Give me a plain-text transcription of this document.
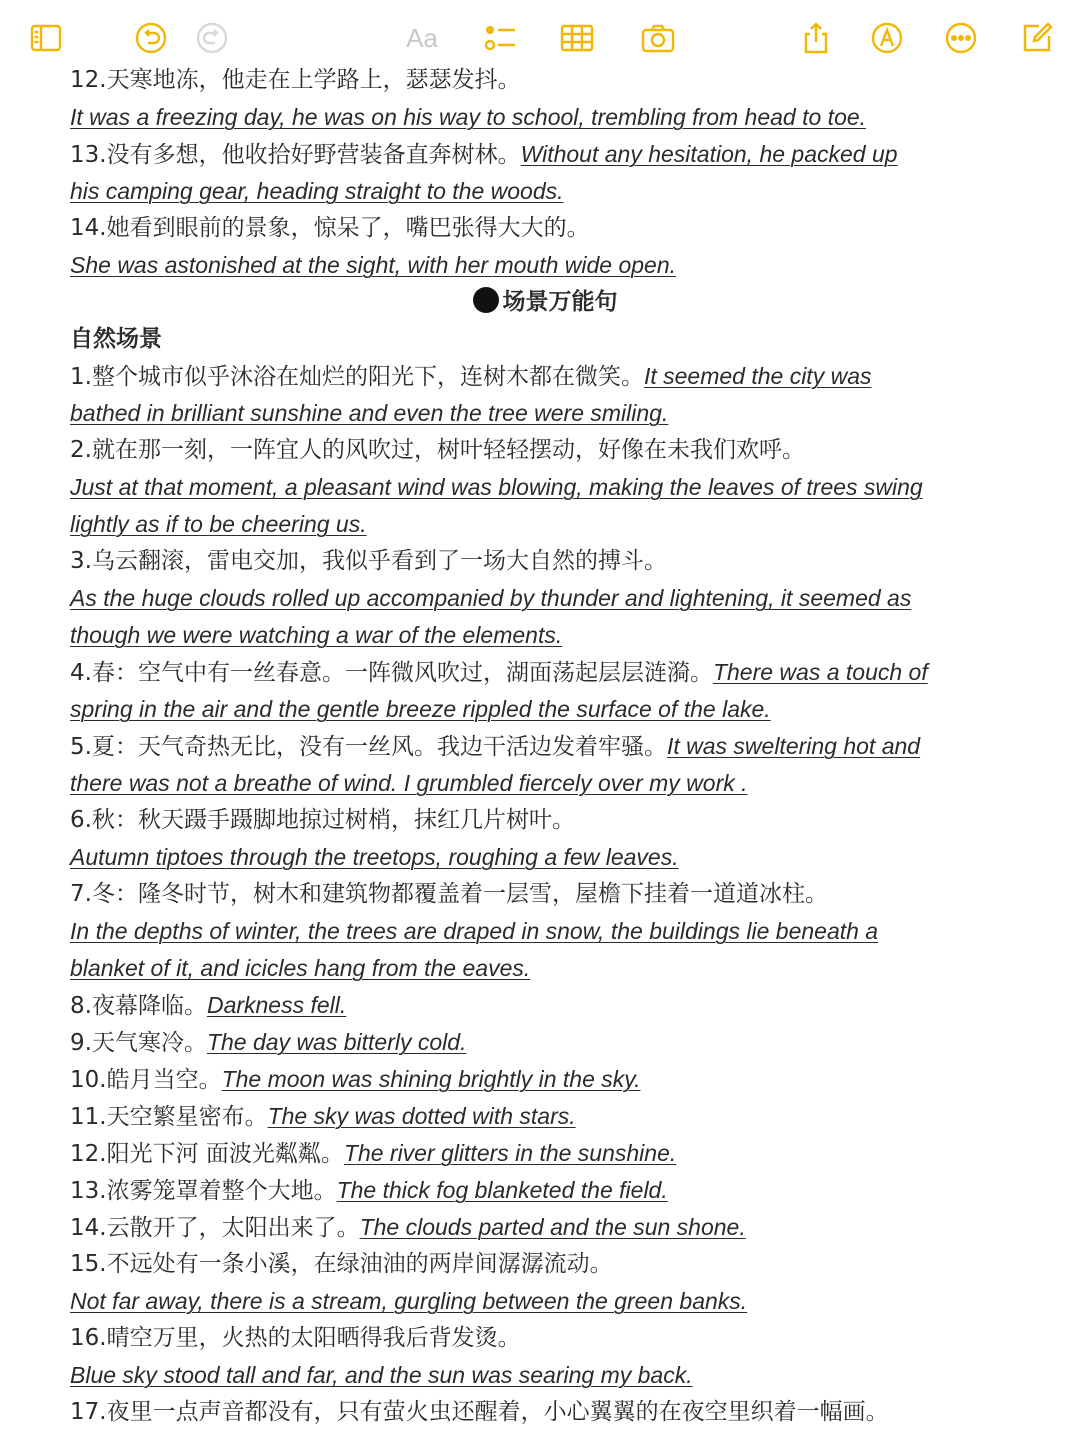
Aa
12.天寒地冻，他走在上学路上，瑟瑟发抖。
It was a freezing day, he was on his way to school, trembling from head to toe.
13.没有多想，他收拾好野营装备直奔树林。Without any hesitation, he packed up
his camping gear, heading straight to the woods.
14.她看到眼前的景象，惊呆了，嘴巴张得大大的。
She was astonished at the sight, with her mouth wide open.
场景万能句
自然场景
1.整个城市似乎沐浴在灿烂的阳光下，连树木都在微笑。It seemed the city was
bathed in brilliant sunshine and even the tree were smiling.
2.就在那一刻，一阵宜人的风吹过，树叶轻轻摆动，好像在未我们欢呼。
Just at that moment, a pleasant wind was blowing, making the leaves of trees swing
lightly as if to be cheering us.
3.乌云翻滚，雷电交加，我似乎看到了一场大自然的搏斗。
As the huge clouds rolled up accompanied by thunder and lightening, it seemed as
though we were watching a war of the elements.
4.春：空气中有一丝春意。一阵微风吹过，湖面荡起层层涟漪。There was a touch of
spring in the air and the gentle breeze rippled the surface of the lake.
5.夏：天气奇热无比，没有一丝风。我边干活边发着牢骚。It was sweltering hot and
there was not a breathe of wind. I grumbled fiercely over my work .
6.秋：秋天蹑手蹑脚地掠过树梢，抹红几片树叶。
Autumn tiptoes through the treetops, roughing a few leaves.
7.冬：隆冬时节，树木和建筑物都覆盖着一层雪，屋檐下挂着一道道冰柱。
In the depths of winter, the trees are draped in snow, the buildings lie beneath a
blanket of it, and icicles hang from the eaves.
8.夜幕降临。Darkness fell.
9.天气寒冷。The day was bitterly cold.
10.皓月当空。The moon was shining brightly in the sky.
11.天空繁星密布。The sky was dotted with stars.
12.阳光下河 面波光粼粼。The river glitters in the sunshine.
13.浓雾笼罩着整个大地。The thick fog blanketed the field.
14.云散开了，太阳出来了。The clouds parted and the sun shone.
15.不远处有一条小溪，在绿油油的两岸间潺潺流动。
Not far away, there is a stream, gurgling between the green banks.
16.晴空万里，火热的太阳晒得我后背发烫。
Blue sky stood tall and far, and the sun was searing my back.
17.夜里一点声音都没有，只有萤火虫还醒着，小心翼翼的在夜空里织着一幅画。
